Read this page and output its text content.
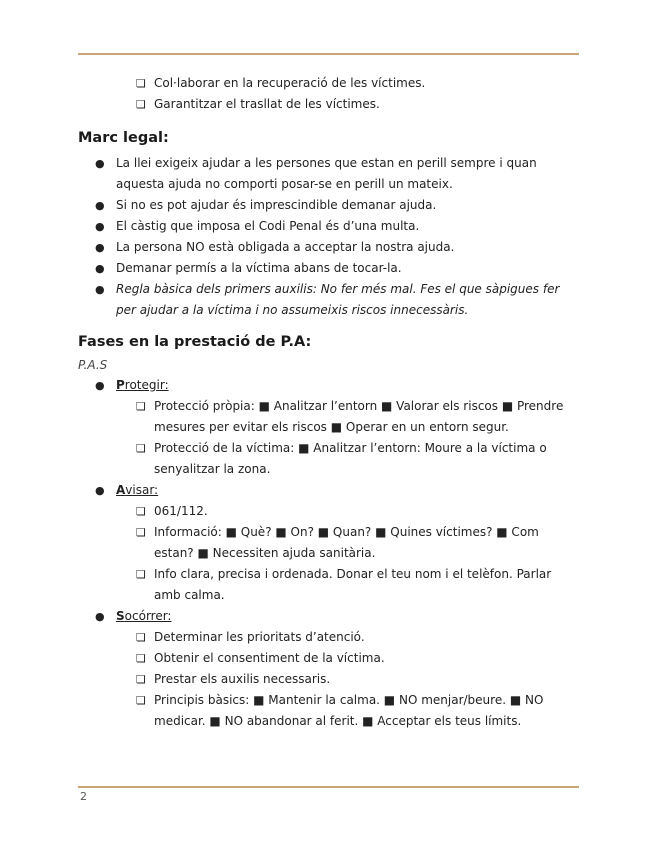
❏ Col·laborar en la recuperació de les víctimes.
❏ Garantitzar el trasllat de les víctimes.
Marc legal:
● La llei exigeix ajudar a les persones que estan en perill sempre i quan aquesta ajuda no comporti posar-se en perill un mateix.
● Si no es pot ajudar és imprescindible demanar ajuda.
● El càstig que imposa el Codi Penal és d’una multa.
● La persona NO està obligada a acceptar la nostra ajuda.
● Demanar permís a la víctima abans de tocar-la.
● Regla bàsica dels primers auxilis: No fer més mal. Fes el que sàpigues fer per ajudar a la víctima i no assumeixis riscos innecessàris.
Fases en la prestació de P.A:
P.A.S
● Protegir:
❏ Protecció pròpia: ■ Analitzar l’entorn ■ Valorar els riscos ■ Prendre mesures per evitar els riscos ■ Operar en un entorn segur.
❏ Protecció de la víctima: ■ Analitzar l’entorn: Moure a la víctima o senyalitzar la zona.
● Avisar:
❏ 061/112.
❏ Informació: ■ Què? ■ On? ■ Quan? ■ Quines víctimes? ■ Com estan? ■ Necessiten ajuda sanitària.
❏ Info clara, precisa i ordenada. Donar el teu nom i el telèfon. Parlar amb calma.
● Socórrer:
❏ Determinar les prioritats d’atenció.
❏ Obtenir el consentiment de la víctima.
❏ Prestar els auxilis necessaris.
❏ Principis bàsics: ■ Mantenir la calma. ■ NO menjar/beure. ■ NO medicar. ■ NO abandonar al ferit. ■ Acceptar els teus límits.
2
